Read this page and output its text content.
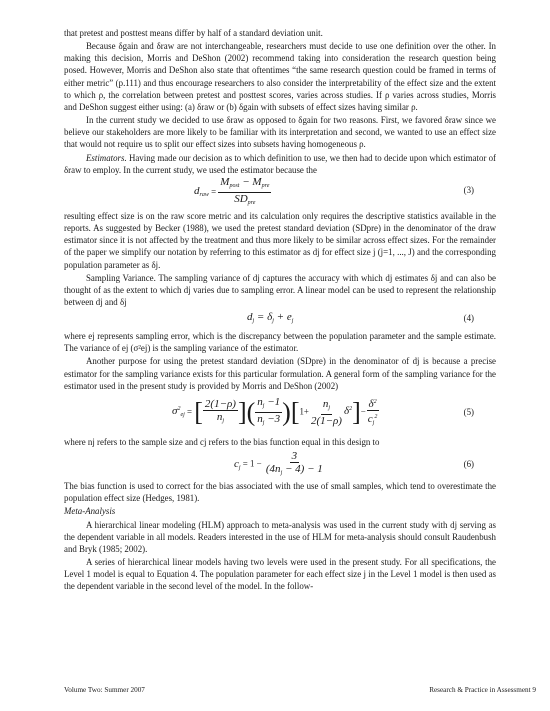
that pretest and posttest means differ by half of a standard deviation unit.

Because δgain and δraw are not interchangeable, researchers must decide to use one definition over the other. In making this decision, Morris and DeShon (2002) recommend taking into consideration the research question being posed. However, Morris and DeShon also state that oftentimes “the same research question could be framed in terms of either metric” (p.111) and thus encourage researchers to also consider the interpretability of the effect size and the extent to which ρ, the correlation between pretest and posttest scores, varies across studies. If ρ varies across studies, Morris and DeShon suggest either using: (a) δraw or (b) δgain with subsets of effect sizes having similar ρ.

In the current study we decided to use δraw as opposed to δgain for two reasons. First, we favored δraw since we believe our stakeholders are more likely to be familiar with its interpretation and second, we wanted to use an effect size that would not require us to split our effect sizes into subsets having homogeneous ρ.

Estimators. Having made our decision as to which definition to use, we then had to decide upon which estimator of δraw to employ. In the current study, we used the estimator because the

$d_{raw} = \frac{M_{post} - M_{pre}}{SD_{pre}}$	(3)

resulting effect size is on the raw score metric and its calculation only requires the descriptive statistics available in the reports. As suggested by Becker (1988), we used the pretest standard deviation (SDpre) in the denominator of the draw estimator since it is not affected by the treatment and thus more likely to be similar across effect sizes. For the remainder of the paper we simplify our notation by referring to this estimator as dj for effect size j (j=1, ..., J) and the corresponding population parameter as δj.

Sampling Variance. The sampling variance of dj captures the accuracy with which dj estimates δj and can also be thought of as the extent to which dj varies due to sampling error. A linear model can be used to represent the relationship between dj and δj

$d_j = \delta_j + e_j$	(4)

where ej represents sampling error, which is the discrepancy between the population parameter and the sample estimate. The variance of ej (σ²ej) is the sampling variance of the estimator.

Another purpose for using the pretest standard deviation (SDpre) in the denominator of dj is because a precise estimator for the sampling variance exists for this particular formulation. A general form of the sampling variance for the estimator used in the present study is provided by Morris and DeShon (2002)

$\sigma^2_{ej}$ = [ $\frac{2(1-\rho)}{n_j}$ ]( $\frac{n_j -1}{n_j -3} )[1+ \frac{n_j}{2(1-\rho)} \delta^2]- \frac{\delta^2}{c_j^2}$	(5)

where nj refers to the sample size and cj refers to the bias function equal in this design to

$c_j = 1 - \frac{3}{(4n_j - 4) - 1}$	(6)

The bias function is used to correct for the bias associated with the use of small samples, which tend to overestimate the population effect size (Hedges, 1981).

Meta-Analysis

A hierarchical linear modeling (HLM) approach to meta-analysis was used in the current study with dj serving as the dependent variable in all models. Readers interested in the use of HLM for meta-analysis should consult Raudenbush and Bryk (1985; 2002).

A series of hierarchical linear models having two levels were used in the present study. For all specifications, the Level 1 model is equal to Equation 4. The population parameter for each effect size j in the Level 1 model is then used as the dependent variable in the second level of the model. In the follow-

Volume Two: Summer 2007	Research & Practice in Assessment 9
